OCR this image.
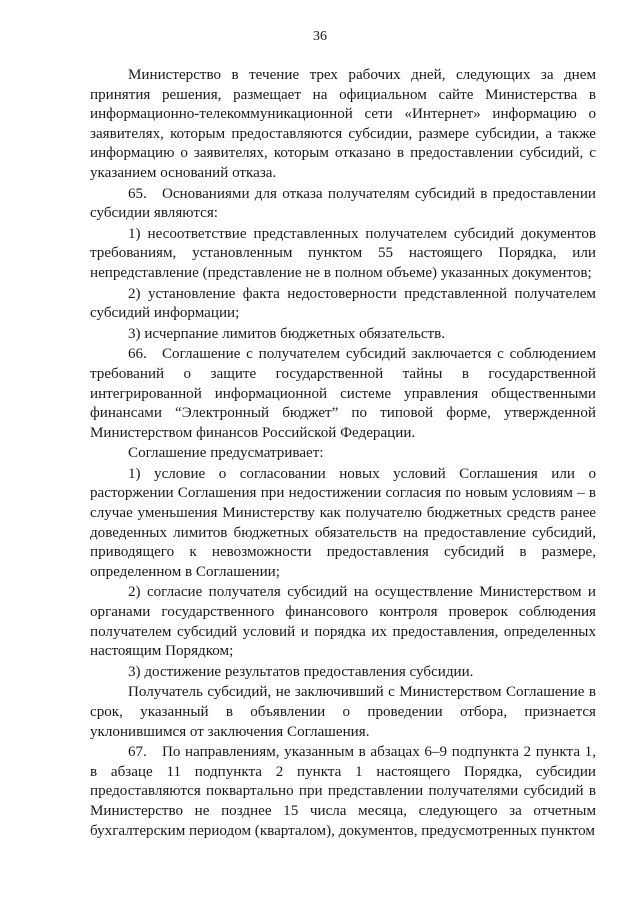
36

Министерство в течение трех рабочих дней, следующих за днем принятия решения, размещает на официальном сайте Министерства в информационно-телекоммуникационной сети «Интернет» информацию о заявителях, которым предоставляются субсидии, размере субсидии, а также информацию о заявителях, которым отказано в предоставлении субсидий, с указанием оснований отказа.

65. Основаниями для отказа получателям субсидий в предоставлении субсидии являются:

1) несоответствие представленных получателем субсидий документов требованиям, установленным пунктом 55 настоящего Порядка, или непредставление (представление не в полном объеме) указанных документов;

2) установление факта недостоверности представленной получателем субсидий информации;

3) исчерпание лимитов бюджетных обязательств.

66. Соглашение с получателем субсидий заключается с соблюдением требований о защите государственной тайны в государственной интегрированной информационной системе управления общественными финансами “Электронный бюджет” по типовой форме, утвержденной Министерством финансов Российской Федерации.

Соглашение предусматривает:

1) условие о согласовании новых условий Соглашения или о расторжении Соглашения при недостижении согласия по новым условиям – в случае уменьшения Министерству как получателю бюджетных средств ранее доведенных лимитов бюджетных обязательств на предоставление субсидий, приводящего к невозможности предоставления субсидий в размере, определенном в Соглашении;

2) согласие получателя субсидий на осуществление Министерством и органами государственного финансового контроля проверок соблюдения получателем субсидий условий и порядка их предоставления, определенных настоящим Порядком;

3) достижение результатов предоставления субсидии.

Получатель субсидий, не заключивший с Министерством Соглашение в срок, указанный в объявлении о проведении отбора, признается уклонившимся от заключения Соглашения.

67. По направлениям, указанным в абзацах 6–9 подпункта 2 пункта 1, в абзаце 11 подпункта 2 пункта 1 настоящего Порядка, субсидии предоставляются поквартально при представлении получателями субсидий в Министерство не позднее 15 числа месяца, следующего за отчетным бухгалтерским периодом (кварталом), документов, предусмотренных пунктом
